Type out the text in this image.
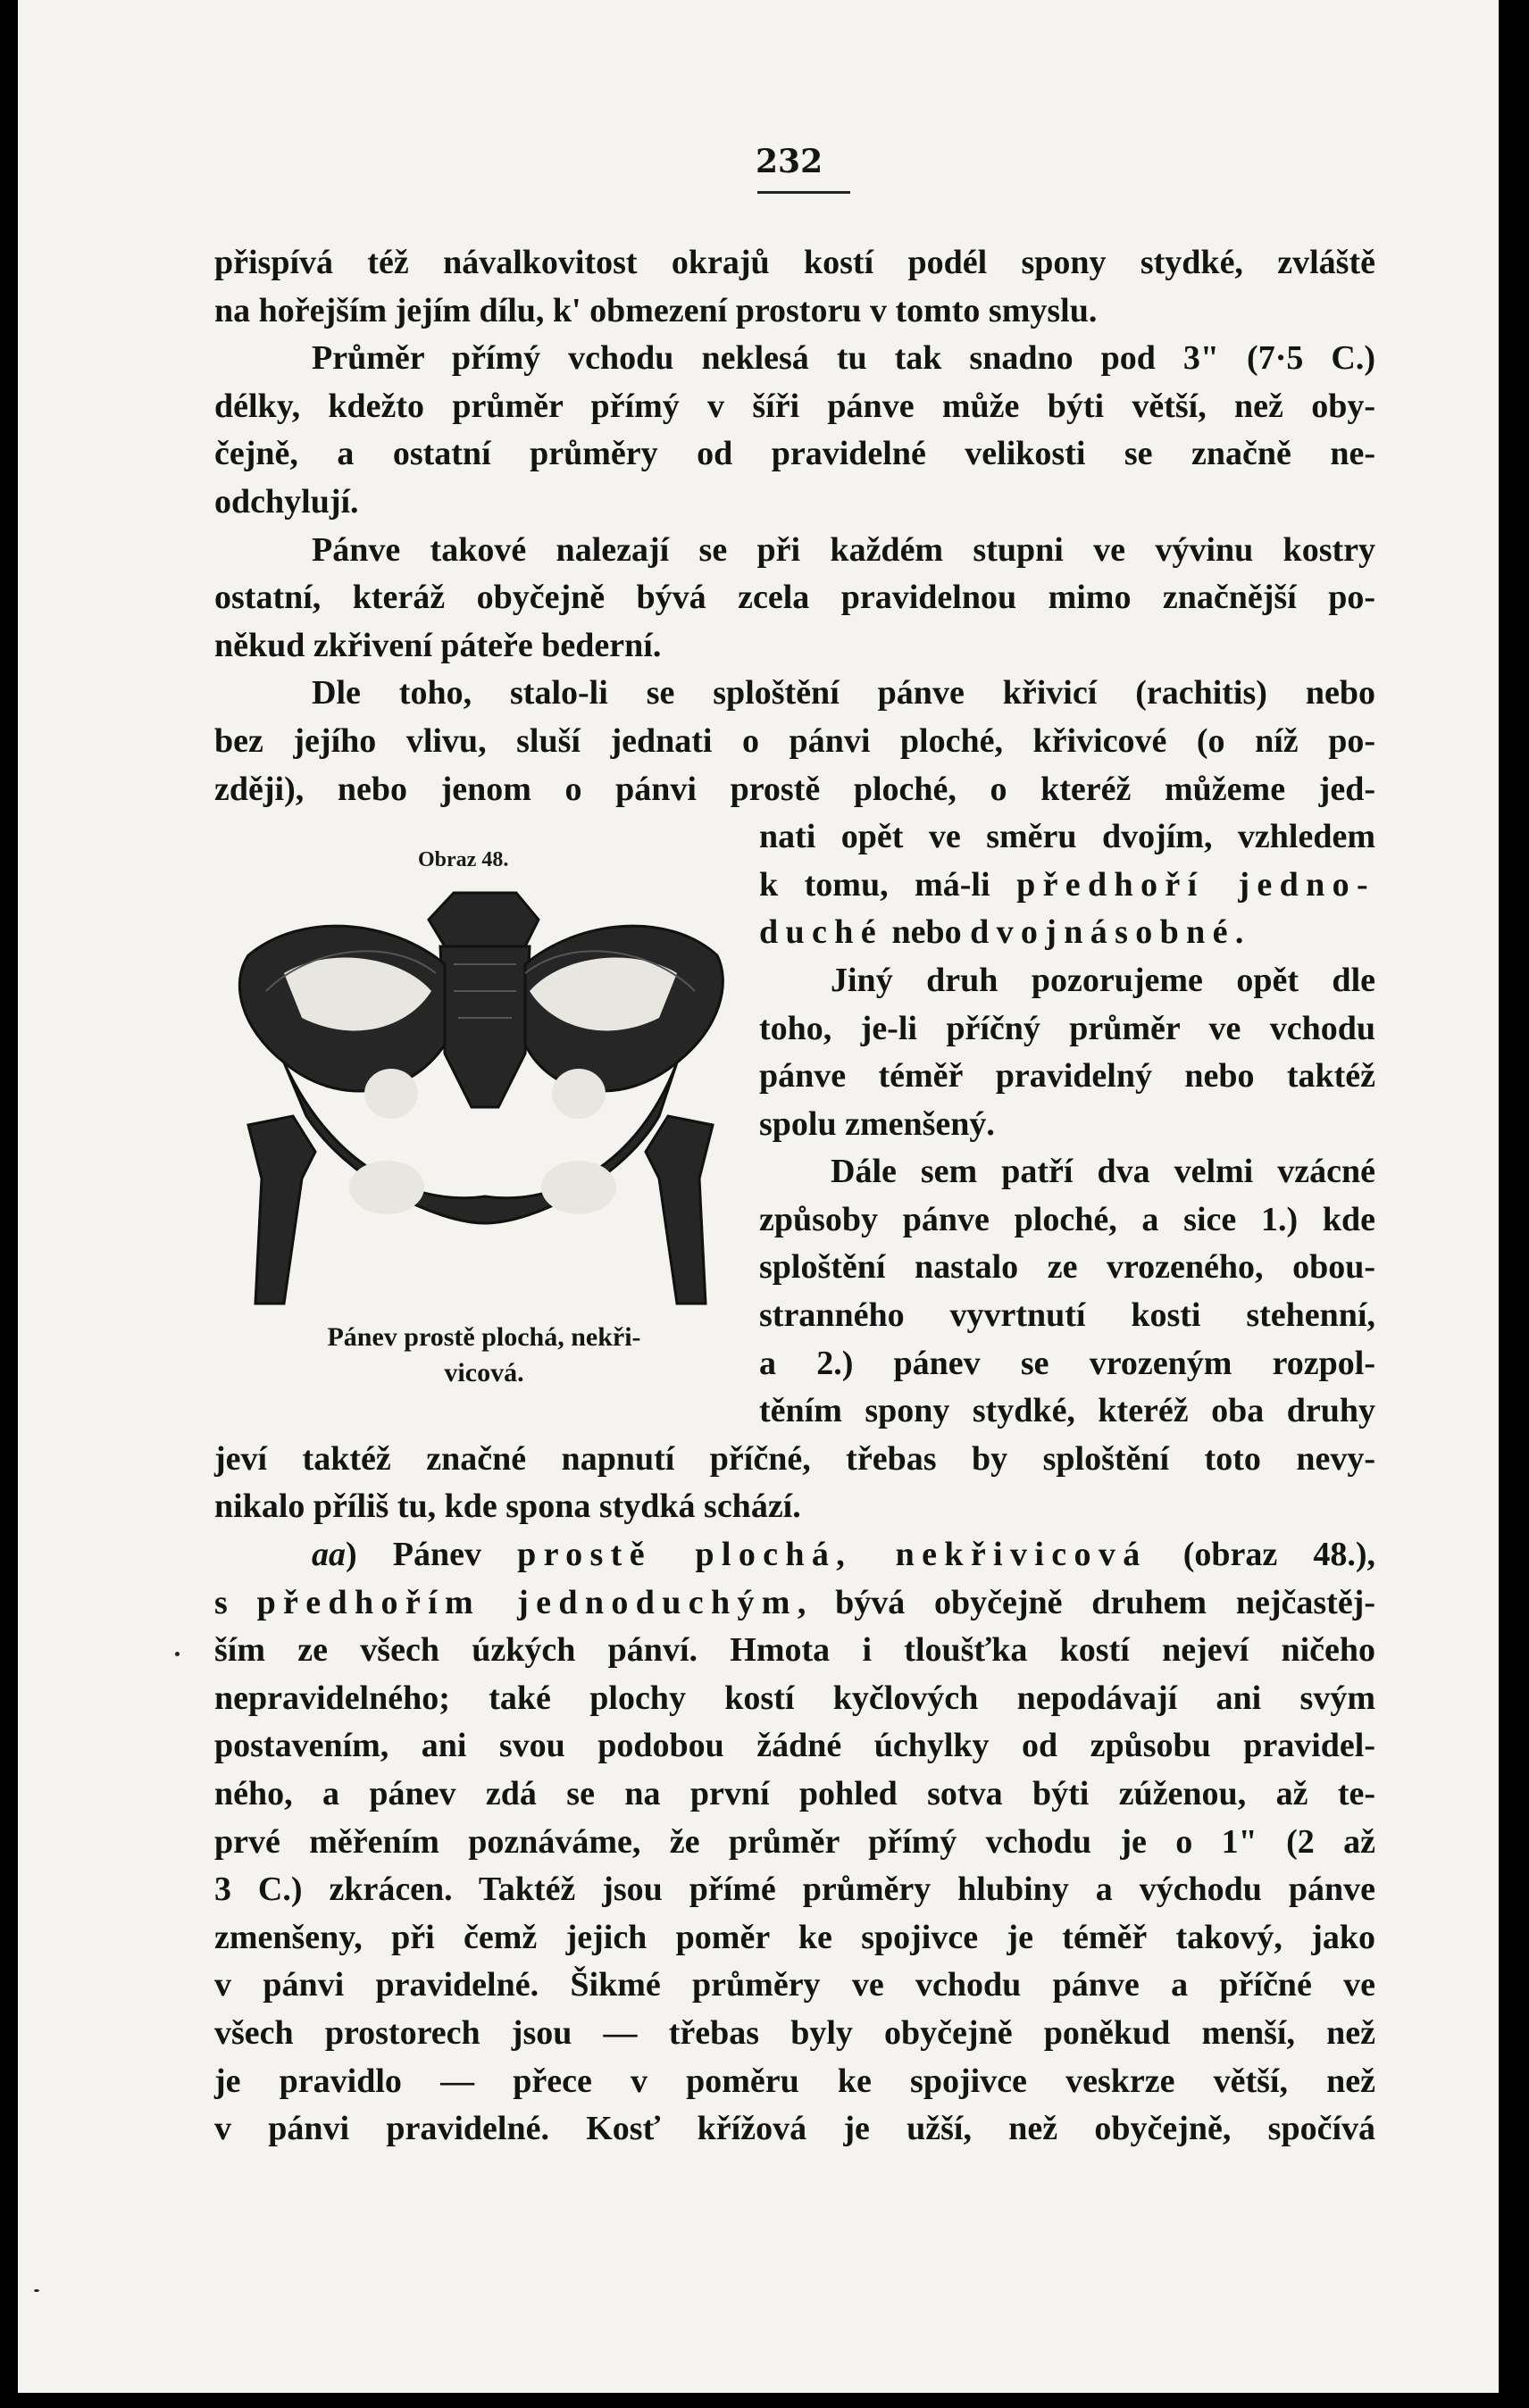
232
Obraz 48.
Pánev prostě plochá, nekři-
vicová.
přispívá též návalkovitost okrajů kostí podél spony stydké, zvláště
na hořejším jejím dílu, k' obmezení prostoru v tomto smyslu.
Průměr přímý vchodu neklesá tu tak snadno pod 3" (7·5 C.)
délky, kdežto průměr přímý v šíři pánve může býti větší, než oby-
čejně, a ostatní průměry od pravidelné velikosti se značně ne-
odchylují.
Pánve takové nalezají se při každém stupni ve vývinu kostry
ostatní, kteráž obyčejně bývá zcela pravidelnou mimo značnější po-
někud zkřivení páteře bederní.
Dle toho, stalo-li se sploštění pánve křivicí (rachitis) nebo
bez jejího vlivu, sluší jednati o pánvi ploché, křivicové (o níž po-
zději), nebo jenom o pánvi prostě ploché, o kteréž můžeme jed-
nati opět ve směru dvojím, vzhledem
k tomu, má-li předhoří jedno-
duché nebo dvojnásobné.
Jiný druh pozorujeme opět dle
toho, je-li příčný průměr ve vchodu
pánve téměř pravidelný nebo taktéž
spolu zmenšený.
Dále sem patří dva velmi vzácné
způsoby pánve ploché, a sice 1.) kde
sploštění nastalo ze vrozeného, obou-
stranného vyvrtnutí kosti stehenní,
a 2.) pánev se vrozeným rozpol-
těním spony stydké, kteréž oba druhy
jeví taktéž značné napnutí příčné, třebas by sploštění toto nevy-
nikalo příliš tu, kde spona stydká schází.
aa) Pánev prostě plochá, nekřivicová (obraz 48.),
s předhořím jednoduchým, bývá obyčejně druhem nejčastěj-
ším ze všech úzkých pánví. Hmota i tloušťka kostí nejeví ničeho
nepravidelného; také plochy kostí kyčlových nepodávají ani svým
postavením, ani svou podobou žádné úchylky od způsobu pravidel-
ného, a pánev zdá se na první pohled sotva býti zúženou, až te-
prvé měřením poznáváme, že průměr přímý vchodu je o 1" (2 až
3 C.) zkrácen. Taktéž jsou přímé průměry hlubiny a východu pánve
zmenšeny, při čemž jejich poměr ke spojivce je téměř takový, jako
v pánvi pravidelné. Šikmé průměry ve vchodu pánve a příčné ve
všech prostorech jsou — třebas byly obyčejně poněkud menší, než
je pravidlo — přece v poměru ke spojivce veskrze větší, než
v pánvi pravidelné. Kosť křížová je užší, než obyčejně, spočívá
